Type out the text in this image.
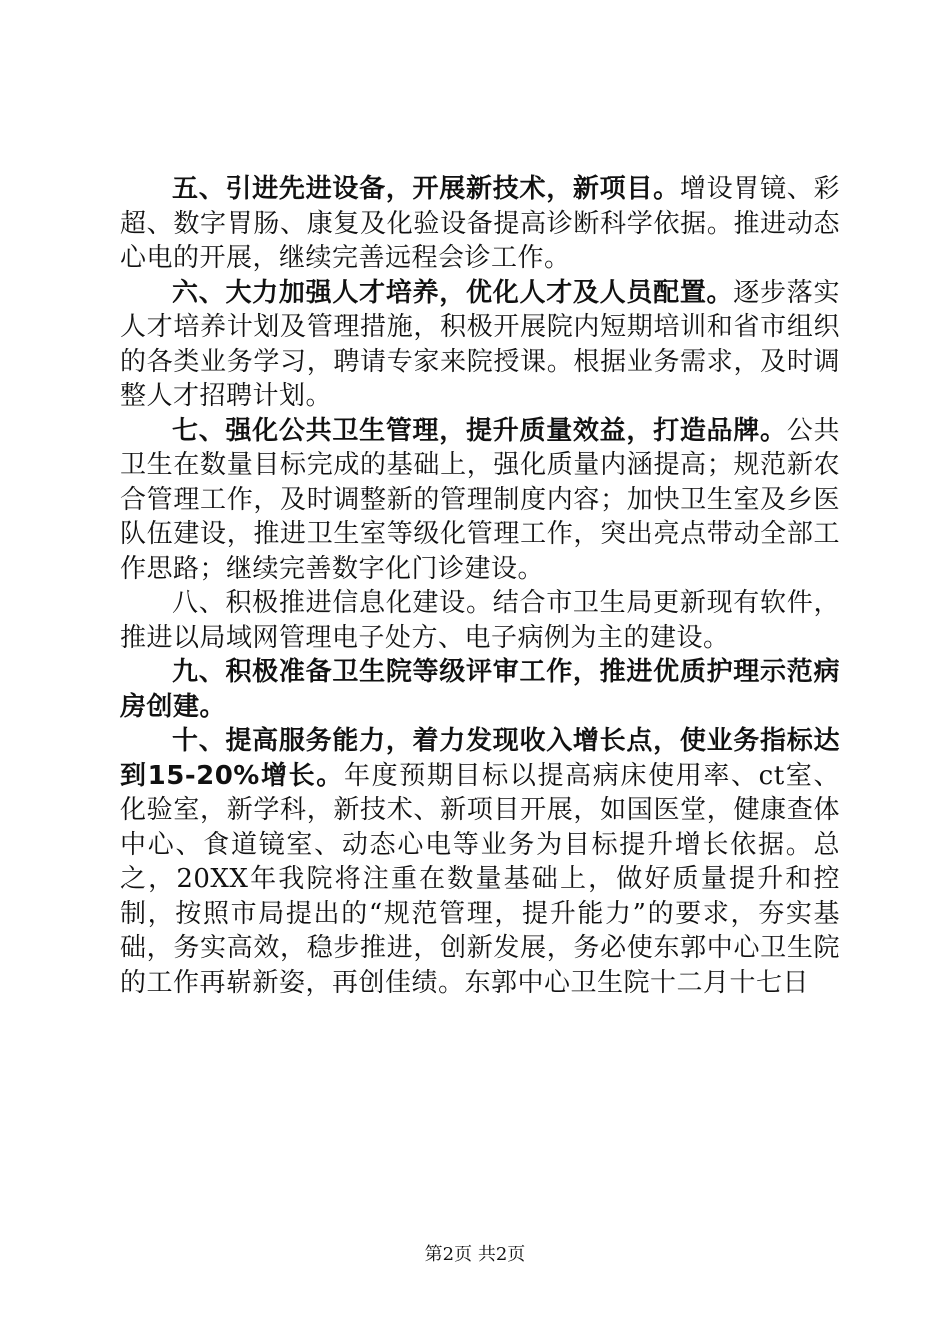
五、引进先进设备，开展新技术，新项目。增设胃镜、彩超、数字胃肠、康复及化验设备提高诊断科学依据。推进动态心电的开展，继续完善远程会诊工作。

六、大力加强人才培养，优化人才及人员配置。逐步落实人才培养计划及管理措施，积极开展院内短期培训和省市组织的各类业务学习，聘请专家来院授课。根据业务需求，及时调整人才招聘计划。

七、强化公共卫生管理，提升质量效益，打造品牌。公共卫生在数量目标完成的基础上，强化质量内涵提高；规范新农合管理工作，及时调整新的管理制度内容；加快卫生室及乡医队伍建设，推进卫生室等级化管理工作，突出亮点带动全部工作思路；继续完善数字化门诊建设。

八、积极推进信息化建设。结合市卫生局更新现有软件，推进以局域网管理电子处方、电子病例为主的建设。

九、积极准备卫生院等级评审工作，推进优质护理示范病房创建。

十、提高服务能力，着力发现收入增长点，使业务指标达到15-20%增长。年度预期目标以提高病床使用率、ct室、化验室，新学科，新技术、新项目开展，如国医堂，健康查体中心、食道镜室、动态心电等业务为目标提升增长依据。总之，20XX年我院将注重在数量基础上，做好质量提升和控制，按照市局提出的“规范管理，提升能力”的要求，夯实基础，务实高效，稳步推进，创新发展，务必使东郭中心卫生院的工作再崭新姿，再创佳绩。东郭中心卫生院十二月十七日

第2页 共2页
